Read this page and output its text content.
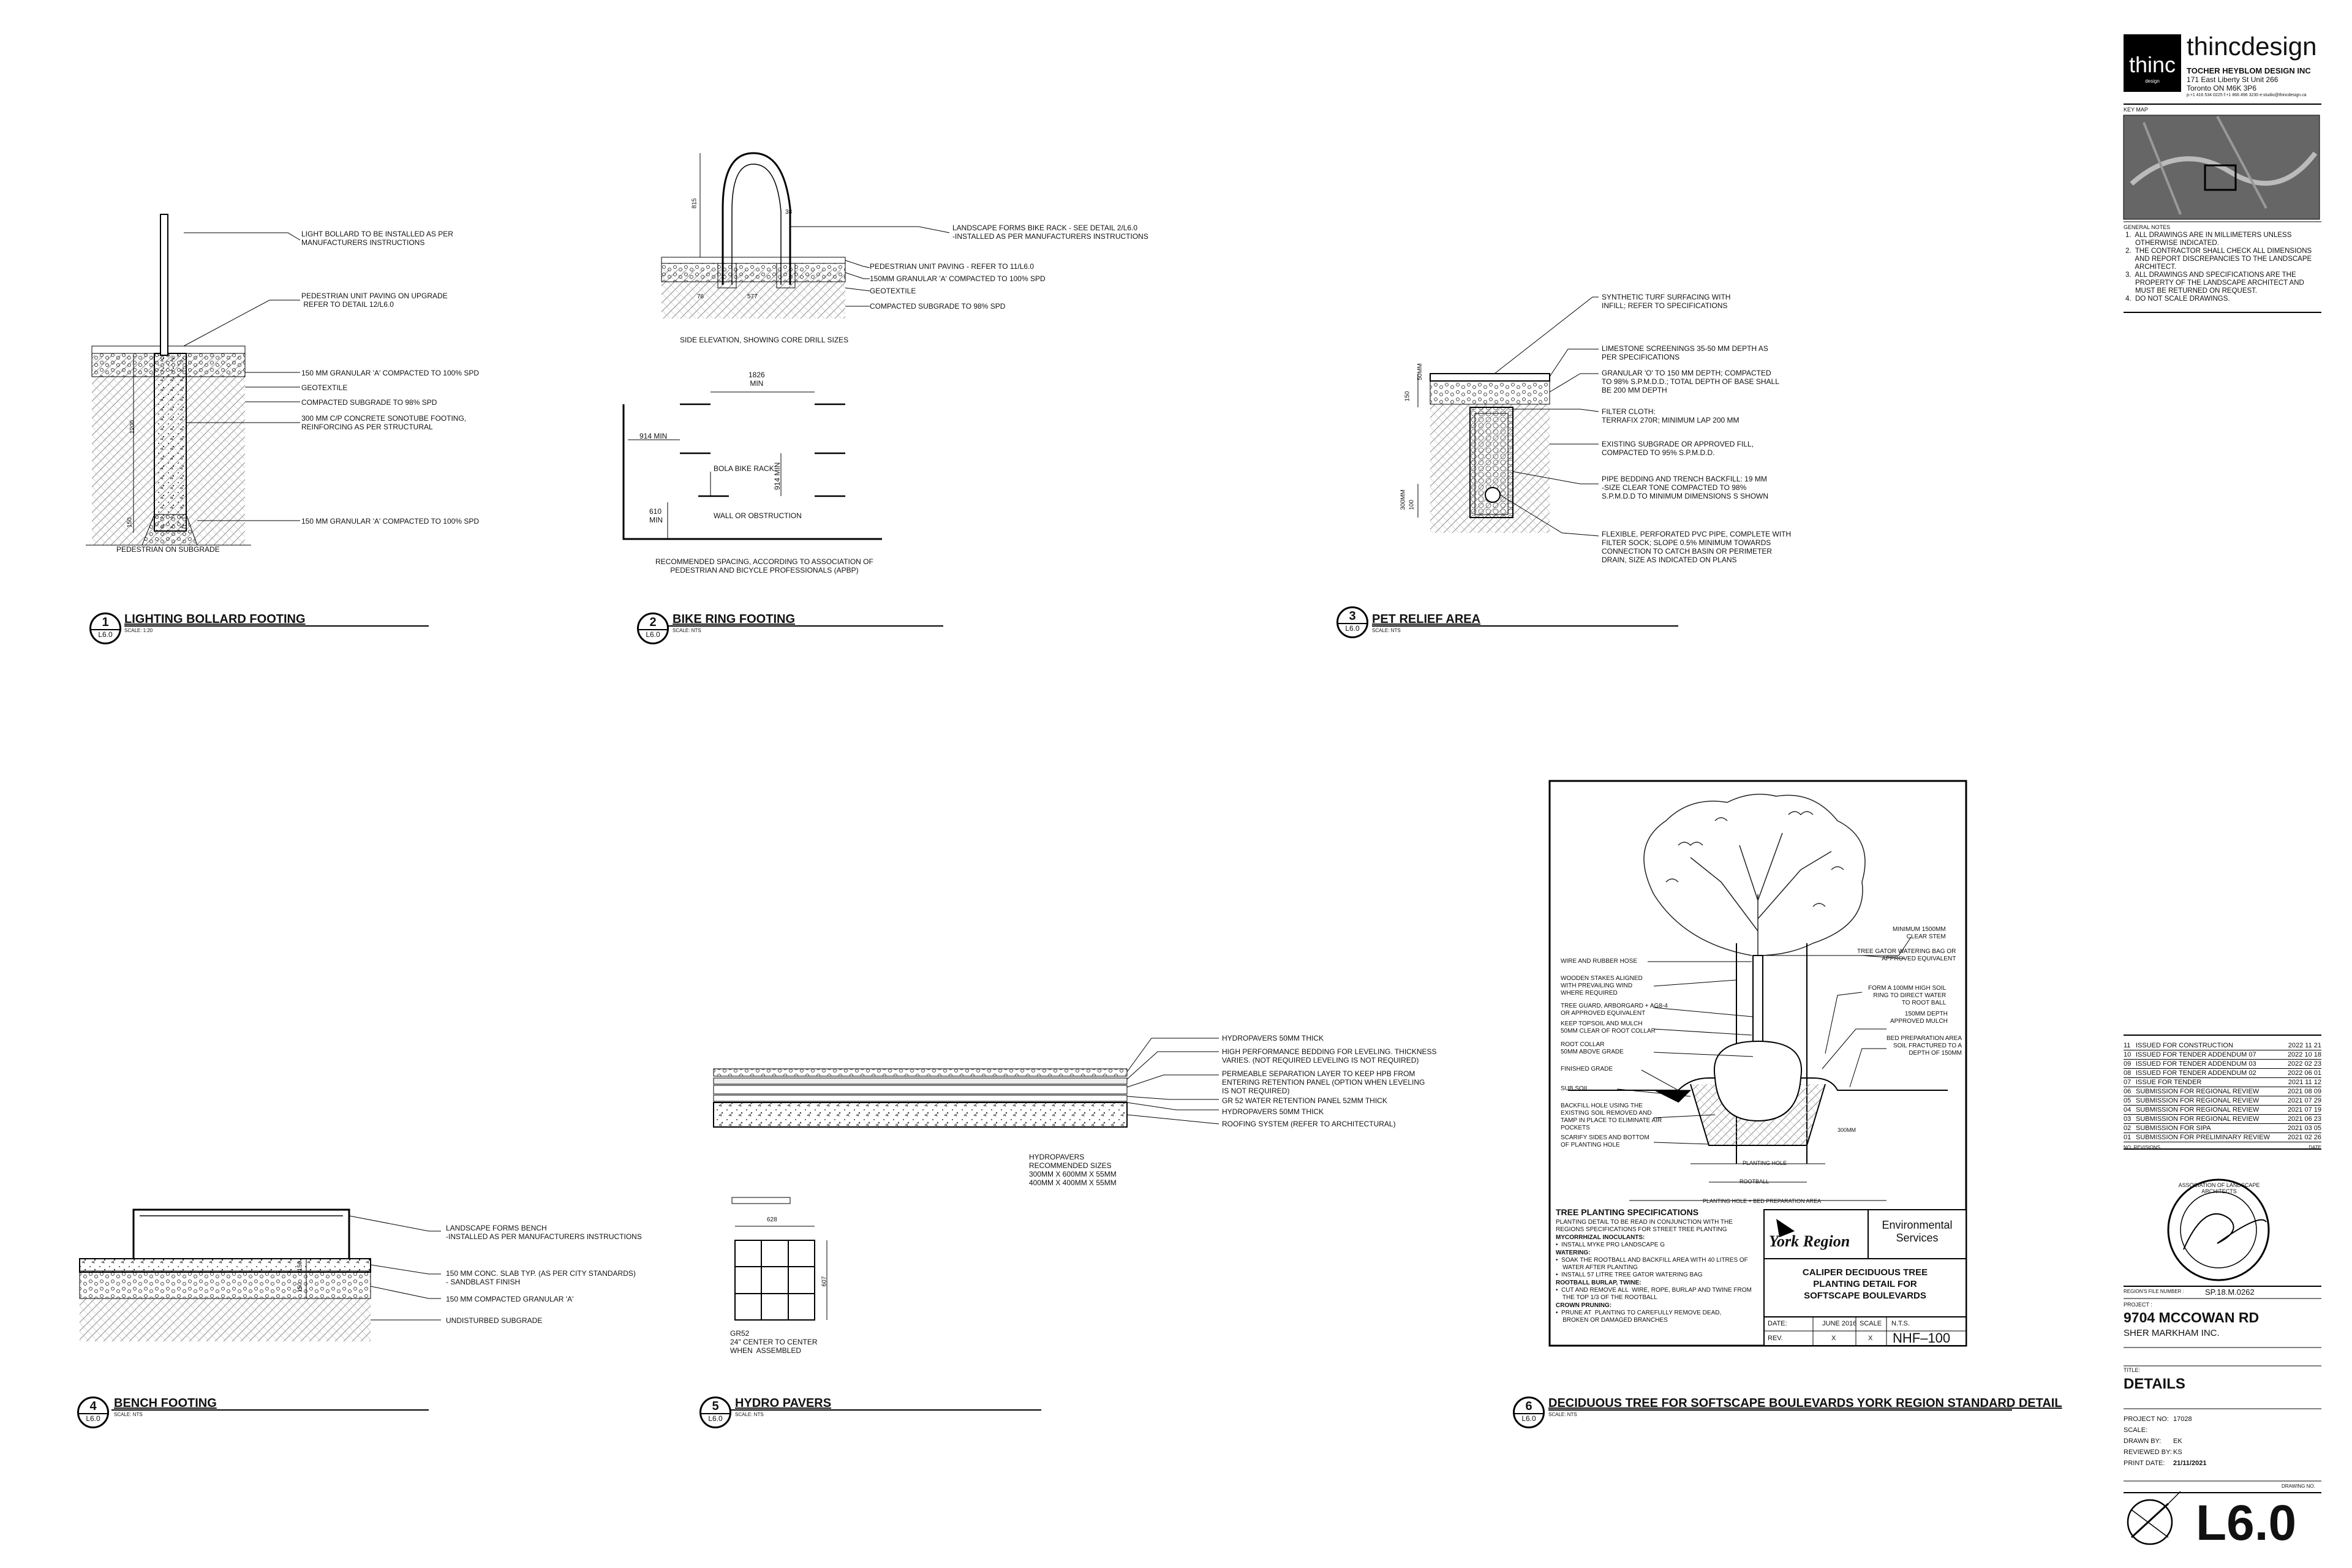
LIGHT BOLLARD TO BE INSTALLED AS PER
MANUFACTURERS INSTRUCTIONS
PEDESTRIAN UNIT PAVING ON UPGRADE
REFER TO DETAIL 12/L6.0
150 MM GRANULAR 'A' COMPACTED TO 100% SPD
GEOTEXTILE
COMPACTED SUBGRADE TO 98% SPD
300 MM C/P CONCRETE SONOTUBE FOOTING,
REINFORCING AS PER STRUCTURAL
150 MM GRANULAR 'A' COMPACTED TO 100% SPD
PEDESTRIAN ON SUBGRADE
1200
150
1
L6.0
LIGHTING BOLLARD FOOTING
SCALE: 1:20
LANDSCAPE FORMS BIKE RACK - SEE DETAIL 2/L6.0
-INSTALLED AS PER MANUFACTURERS INSTRUCTIONS
PEDESTRIAN UNIT PAVING - REFER TO 11/L6.0
150MM GRANULAR 'A' COMPACTED TO 100% SPD
GEOTEXTILE
COMPACTED SUBGRADE TO 98% SPD
SIDE ELEVATION, SHOWING CORE DRILL SIZES
815
38
76	577
1826
MIN
914 MIN
914 MIN
610
MIN
BOLA BIKE RACK
WALL OR OBSTRUCTION
RECOMMENDED SPACING, ACCORDING TO ASSOCIATION OF
PEDESTRIAN AND BICYCLE PROFESSIONALS (APBP)
2
L6.0
BIKE RING FOOTING
SCALE: NTS
SYNTHETIC TURF SURFACING WITH
INFILL; REFER TO SPECIFICATIONS
LIMESTONE SCREENINGS 35-50 MM DEPTH AS
PER SPECIFICATIONS
GRANULAR 'O' TO 150 MM DEPTH; COMPACTED
TO 98% S.P.M.D.D.; TOTAL DEPTH OF BASE SHALL
BE 200 MM DEPTH
FILTER CLOTH:
TERRAFIX 270R; MINIMUM LAP 200 MM
EXISTING SUBGRADE OR APPROVED FILL,
COMPACTED TO 95% S.P.M.D.D.
PIPE BEDDING AND TRENCH BACKFILL: 19 MM
-SIZE CLEAR TONE COMPACTED TO 98%
S.P.M.D.D TO MINIMUM DIMENSIONS S SHOWN
FLEXIBLE, PERFORATED PVC PIPE, COMPLETE WITH
FILTER SOCK; SLOPE 0.5% MINIMUM TOWARDS
CONNECTION TO CATCH BASIN OR PERIMETER
DRAIN, SIZE AS INDICATED ON PLANS
150
50MM
300MM
100
3
L6.0
PET RELIEF AREA
SCALE: NTS
LANDSCAPE FORMS BENCH
-INSTALLED AS PER MANUFACTURERS INSTRUCTIONS
150 MM CONC. SLAB TYP. (AS PER CITY STANDARDS)
- SANDBLAST FINISH
150 MM COMPACTED GRANULAR 'A'
UNDISTURBED SUBGRADE
150
150
4
L6.0
BENCH FOOTING
SCALE: NTS
HYDROPAVERS 50MM THICK
HIGH PERFORMANCE BEDDING FOR LEVELING. THICKNESS
VARIES. (NOT REQUIRED LEVELING IS NOT REQUIRED)
PERMEABLE SEPARATION LAYER TO KEEP HPB FROM
ENTERING RETENTION PANEL (OPTION WHEN LEVELING
IS NOT REQUIRED)
GR 52 WATER RETENTION PANEL 52MM THICK
HYDROPAVERS 50MM THICK
ROOFING SYSTEM (REFER TO ARCHITECTURAL)
HYDROPAVERS
RECOMMENDED SIZES
300MM X 600MM X 55MM
400MM X 400MM X 55MM
GR52
24" CENTER TO CENTER
WHEN  ASSEMBLED
628
607
5
L6.0
HYDRO PAVERS
SCALE: NTS
WIRE AND RUBBER HOSE
WOODEN STAKES ALIGNED
WITH PREVAILING WIND
WHERE REQUIRED
TREE GUARD, ARBORGARD + AG8-4
OR APPROVED EQUIVALENT
KEEP TOPSOIL AND MULCH
50MM CLEAR OF ROOT COLLAR
ROOT COLLAR
50MM ABOVE GRADE
FINISHED GRADE
SUB SOIL
BACKFILL HOLE USING THE
EXISTING SOIL REMOVED AND
TAMP IN PLACE TO ELIMINATE AIR
POCKETS
SCARIFY SIDES AND BOTTOM
OF PLANTING HOLE
MINIMUM 1500MM
CLEAR STEM
TREE GATOR WATERING BAG OR
APPROVED EQUIVALENT
FORM A 100MM HIGH SOIL
RING TO DIRECT WATER
TO ROOT BALL
150MM DEPTH
APPROVED MULCH
BED PREPARATION AREA
SOIL FRACTURED TO A
DEPTH OF 150MM
ROOTBALL
PLANTING HOLE
PLANTING HOLE + BED PREPARATION AREA
300MM
TREE PLANTING SPECIFICATIONS
PLANTING DETAIL TO BE READ IN CONJUNCTION WITH THE
REGIONS SPECIFICATIONS FOR STREET TREE PLANTING
MYCORRHIZAL INOCULANTS:
•  INSTALL MYKE PRO LANDSCAPE G
WATERING:
•  SOAK THE ROOTBALL AND BACKFILL AREA WITH 40 LITRES OF
WATER AFTER PLANTING
•  INSTALL 57 LITRE TREE GATOR WATERING BAG
ROOTBALL BURLAP, TWINE:
•  CUT AND REMOVE ALL  WIRE, ROPE, BURLAP AND TWINE FROM
THE TOP 1/3 OF THE ROOTBALL
CROWN PRUNING:
•  PRUNE AT  PLANTING TO CAREFULLY REMOVE DEAD,
BROKEN OR DAMAGED BRANCHES
York Region
Environmental
Services
CALIPER DECIDUOUS TREE
PLANTING DETAIL FOR
SOFTSCAPE BOULEVARDS
DATE:	JUNE 2016 SCALE N.T.S.
REV.	X	X NHF–100
6
L6.0
DECIDUOUS TREE FOR SOFTSCAPE BOULEVARDS YORK REGION STANDARD DETAIL
SCALE: NTS
thinc
design
thincdesign
TOCHER HEYBLOM DESIGN INC
171 East Liberty St Unit 266
Toronto ON M6K 3P6
p:+1 416 534 0225 f:+1 866 496 3230 e:studio@thincdesign.ca
KEY MAP
GENERAL NOTES
1.  ALL DRAWINGS ARE IN MILLIMETERS UNLESS
OTHERWISE INDICATED.
2.  THE CONTRACTOR SHALL CHECK ALL DIMENSIONS
AND REPORT DISCREPANCIES TO THE LANDSCAPE
ARCHITECT.
3.  ALL DRAWINGS AND SPECIFICATIONS ARE THE
PROPERTY OF THE LANDSCAPE ARCHITECT AND
MUST BE RETURNED ON REQUEST.
4.  DO NOT SCALE DRAWINGS.
11 ISSUED FOR CONSTRUCTION	2022 11 21
10 ISSUED FOR TENDER ADDENDUM 07	2022 10 18
09 ISSUED FOR TENDER ADDENDUM 03	2022 02 23
08 ISSUED FOR TENDER ADDENDUM 02	2022 06 01
07 ISSUE FOR TENDER	2021 11 12
06 SUBMISSION FOR REGIONAL REVIEW	2021 08 09
05 SUBMISSION FOR REGIONAL REVIEW	2021 07 29
04 SUBMISSION FOR REGIONAL REVIEW	2021 07 19
03 SUBMISSION FOR REGIONAL REVIEW	2021 06 23
02 SUBMISSION FOR SIPA	2021 03 05
01 SUBMISSION FOR PRELIMINARY REVIEW	2021 02 26
NO. REVISIONS	DATE
ASSOCIATION OF LANDSCAPE ARCHITECTS
REGION'S FILE NUMBER :	SP.18.M.0262
PROJECT :
9704 MCCOWAN RD
SHER MARKHAM INC.
TITLE:
DETAILS
PROJECT NO: 17028
SCALE:
DRAWN BY: EK
REVIEWED BY: KS
PRINT DATE: 21/11/2021
DRAWING NO.
L6.0
